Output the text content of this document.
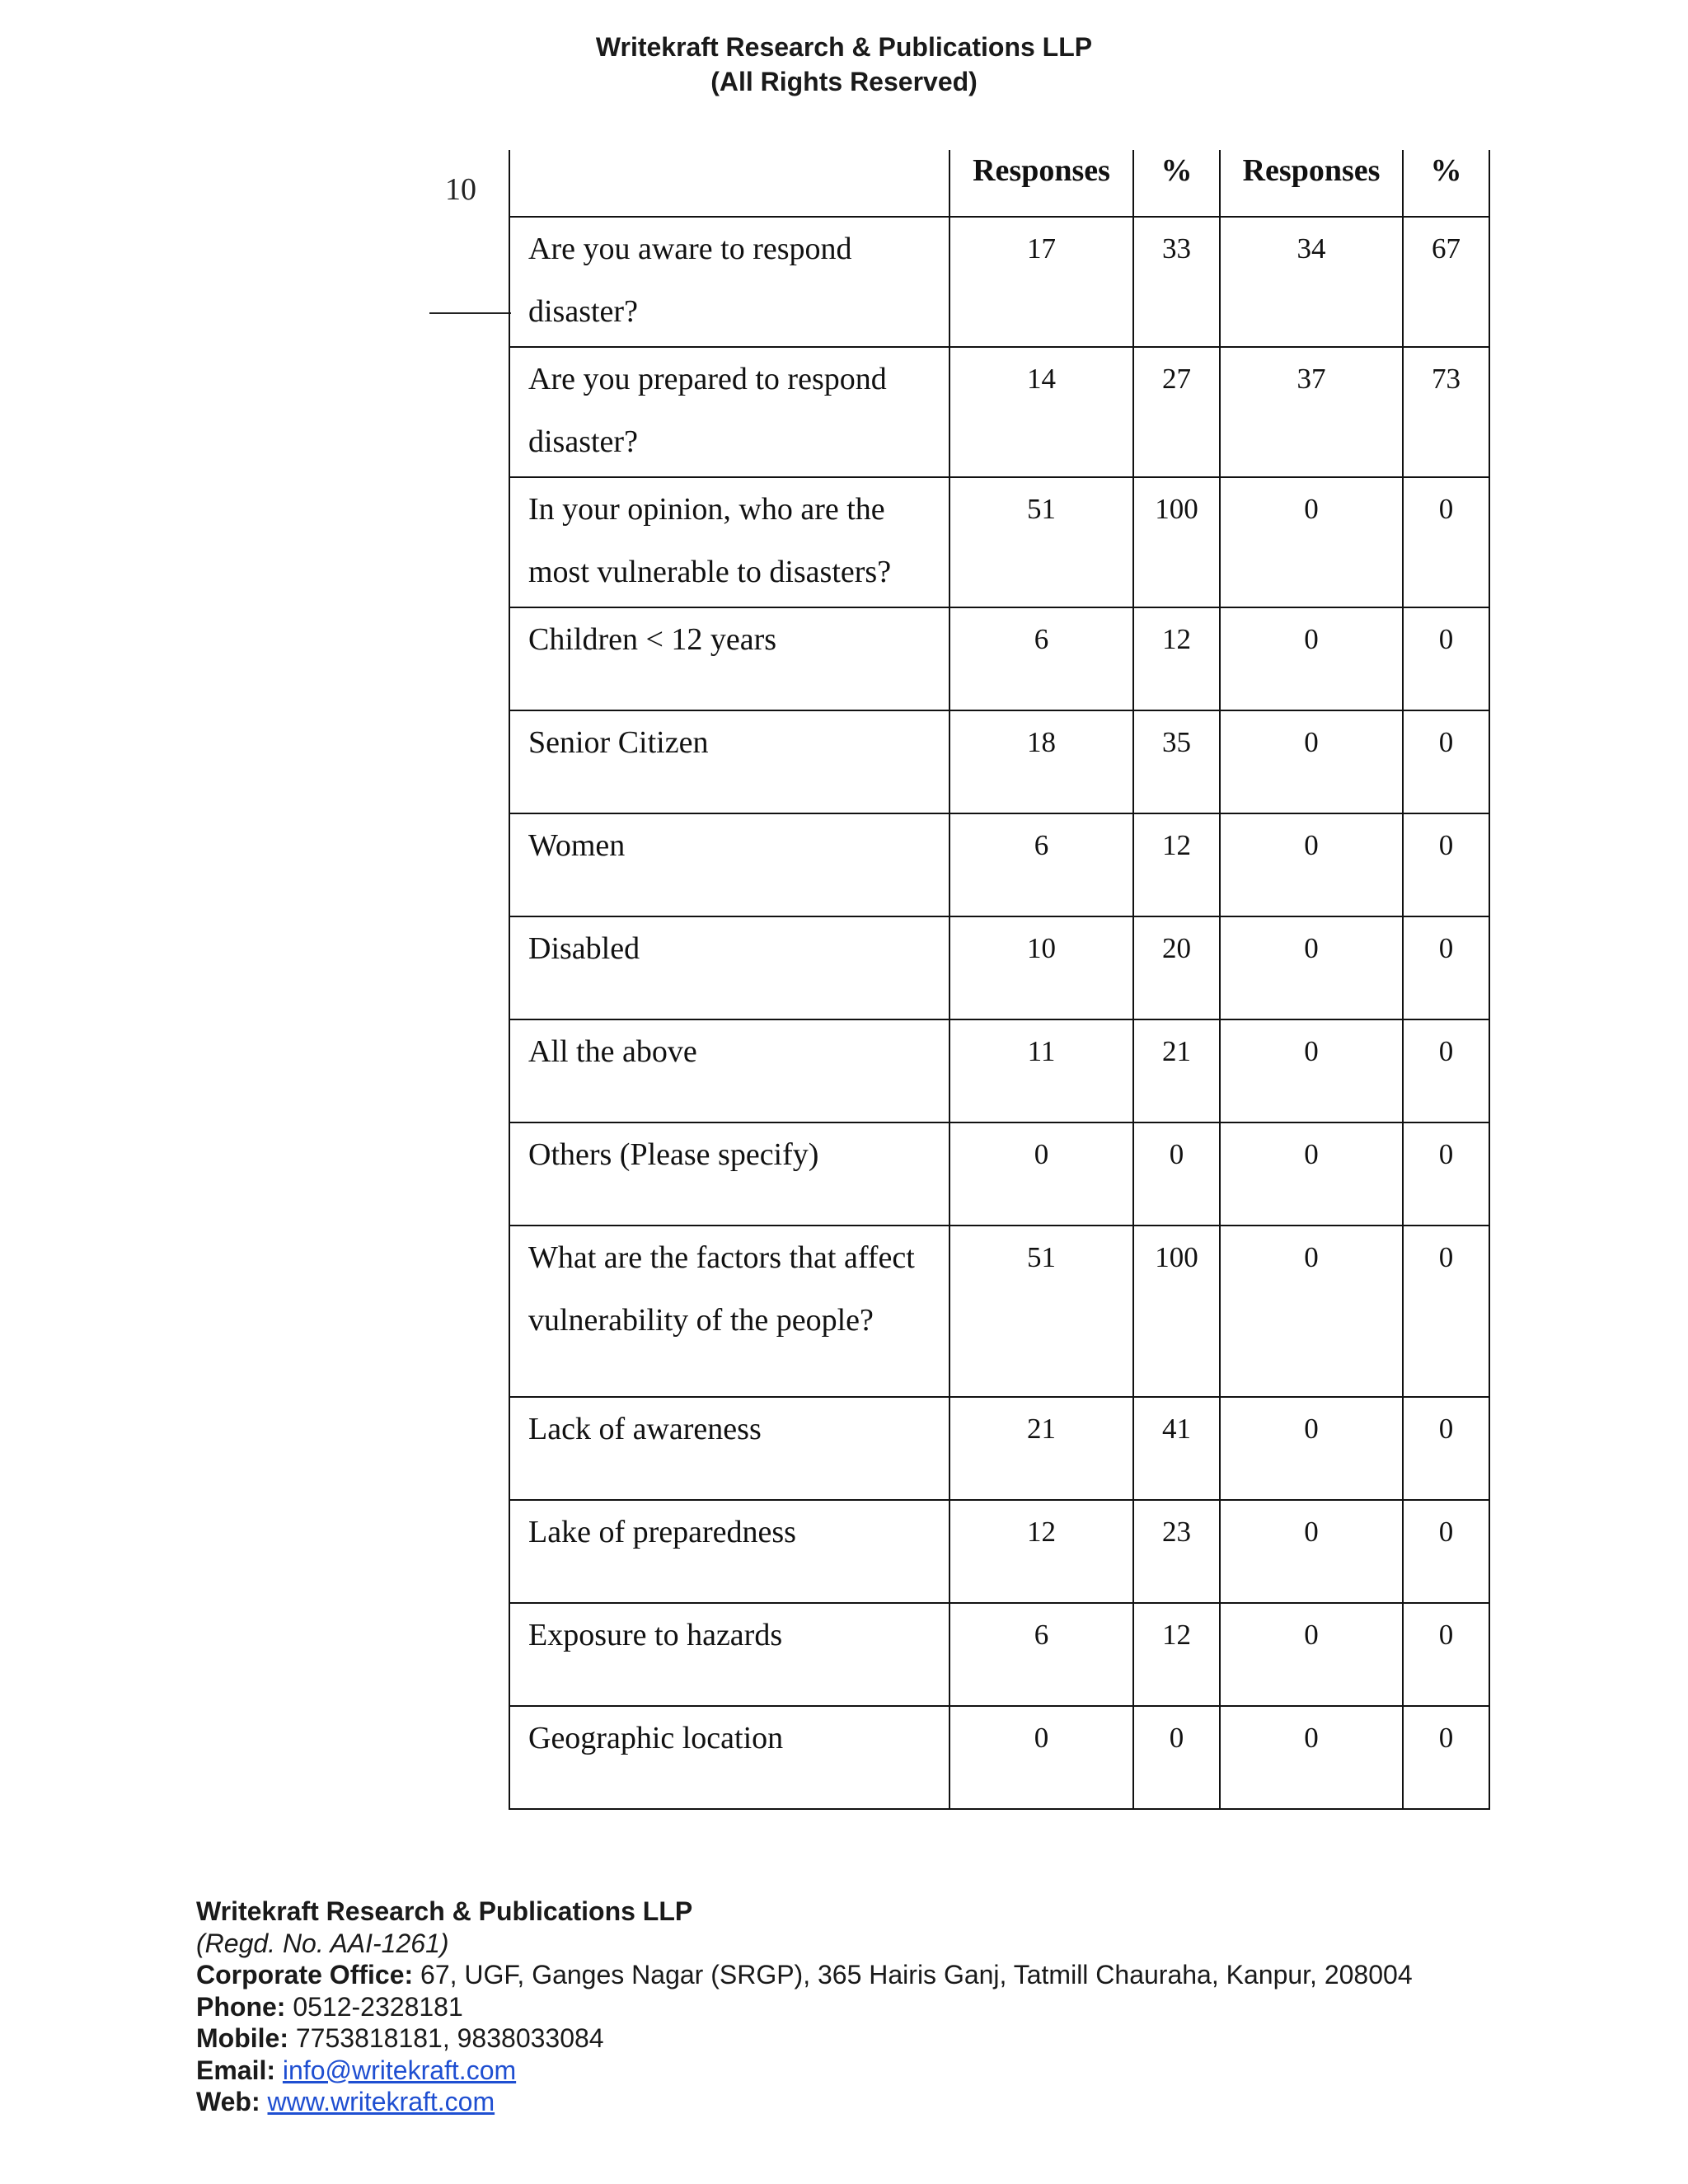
Writekraft Research & Publications LLP
(All Rights Reserved)
10
	Responses	%	Responses	%
Are you aware to respond disaster?	17	33	34	67
Are you prepared to respond disaster?	14	27	37	73
In your opinion, who are the most vulnerable to disasters?	51	100	0	0
Children < 12 years	6	12	0	0
Senior Citizen	18	35	0	0
Women	6	12	0	0
Disabled	10	20	0	0
All the above	11	21	0	0
Others (Please specify)	0	0	0	0
What are the factors that affect vulnerability of the people?	51	100	0	0
Lack of awareness	21	41	0	0
Lake of preparedness	12	23	0	0
Exposure to hazards	6	12	0	0
Geographic location	0	0	0	0
Writekraft Research & Publications LLP
(Regd. No. AAI-1261)
Corporate Office: 67, UGF, Ganges Nagar (SRGP), 365 Hairis Ganj, Tatmill Chauraha, Kanpur, 208004
Phone: 0512-2328181
Mobile: 7753818181, 9838033084
Email: info@writekraft.com
Web: www.writekraft.com
